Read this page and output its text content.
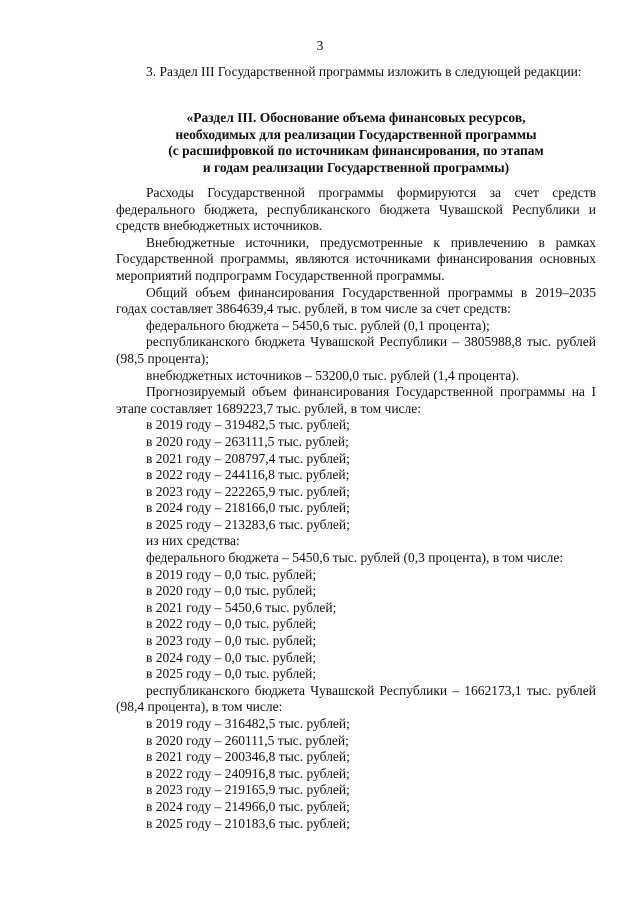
3

3. Раздел III Государственной программы изложить в следующей редакции:

«Раздел III. Обоснование объема финансовых ресурсов,
необходимых для реализации Государственной программы
(с расшифровкой по источникам финансирования, по этапам
и годам реализации Государственной программы)

Расходы Государственной программы формируются за счет средств федерального бюджета, республиканского бюджета Чувашской Республики и средств внебюджетных источников.

Внебюджетные источники, предусмотренные к привлечению в рамках Государственной программы, являются источниками финансирования основных мероприятий подпрограмм Государственной программы.

Общий объем финансирования Государственной программы в 2019–2035 годах составляет 3864639,4 тыс. рублей, в том числе за счет средств:

федерального бюджета – 5450,6 тыс. рублей (0,1 процента);

республиканского бюджета Чувашской Республики – 3805988,8 тыс. рублей (98,5 процента);

внебюджетных источников – 53200,0 тыс. рублей (1,4 процента).

Прогнозируемый объем финансирования Государственной программы на I этапе составляет 1689223,7 тыс. рублей, в том числе:

в 2019 году – 319482,5 тыс. рублей;
в 2020 году – 263111,5 тыс. рублей;
в 2021 году – 208797,4 тыс. рублей;
в 2022 году – 244116,8 тыс. рублей;
в 2023 году – 222265,9 тыс. рублей;
в 2024 году – 218166,0 тыс. рублей;
в 2025 году – 213283,6 тыс. рублей;
из них средства:
федерального бюджета – 5450,6 тыс. рублей (0,3 процента), в том числе:
в 2019 году – 0,0 тыс. рублей;
в 2020 году – 0,0 тыс. рублей;
в 2021 году – 5450,6 тыс. рублей;
в 2022 году – 0,0 тыс. рублей;
в 2023 году – 0,0 тыс. рублей;
в 2024 году – 0,0 тыс. рублей;
в 2025 году – 0,0 тыс. рублей;

республиканского бюджета Чувашской Республики – 1662173,1 тыс. рублей (98,4 процента), в том числе:

в 2019 году – 316482,5 тыс. рублей;
в 2020 году – 260111,5 тыс. рублей;
в 2021 году – 200346,8 тыс. рублей;
в 2022 году – 240916,8 тыс. рублей;
в 2023 году – 219165,9 тыс. рублей;
в 2024 году – 214966,0 тыс. рублей;
в 2025 году – 210183,6 тыс. рублей;
